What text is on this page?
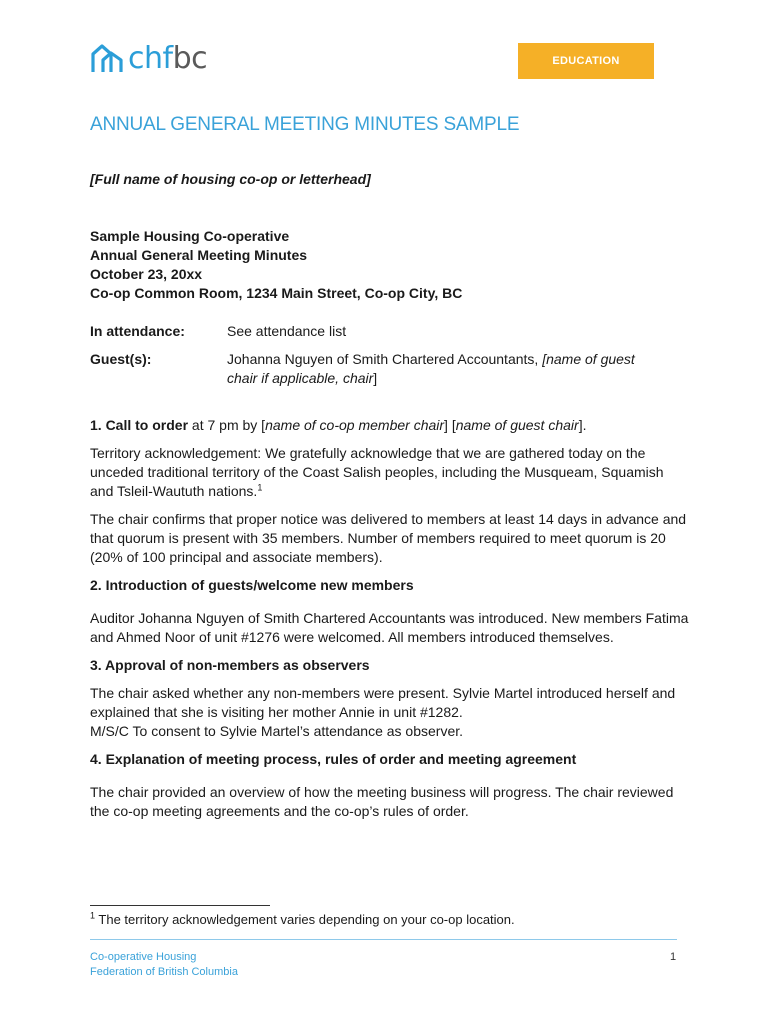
chfbc	EDUCATION
ANNUAL GENERAL MEETING MINUTES SAMPLE

[Full name of housing co-op or letterhead]

Sample Housing Co-operative
Annual General Meeting Minutes
October 23, 20xx
Co-op Common Room, 1234 Main Street, Co-op City, BC
In attendance:	See attendance list
Guest(s):	Johanna Nguyen of Smith Chartered Accountants, [name of guest chair if applicable, chair]

1. Call to order at 7 pm by [name of co-op member chair] [name of guest chair].

Territory acknowledgement: We gratefully acknowledge that we are gathered today on the unceded traditional territory of the Coast Salish peoples, including the Musqueam, Squamish and Tsleil-Waututh nations.$^1$

The chair confirms that proper notice was delivered to members at least 14 days in advance and that quorum is present with 35 members. Number of members required to meet quorum is 20 (20% of 100 principal and associate members).

2. Introduction of guests/welcome new members

Auditor Johanna Nguyen of Smith Chartered Accountants was introduced. New members Fatima and Ahmed Noor of unit #1276 were welcomed. All members introduced themselves.

3. Approval of non-members as observers

The chair asked whether any non-members were present. Sylvie Martel introduced herself and explained that she is visiting her mother Annie in unit #1282.

M/S/C To consent to Sylvie Martel’s attendance as observer.

4. Explanation of meeting process, rules of order and meeting agreement

The chair provided an overview of how the meeting business will progress. The chair reviewed the co-op meeting agreements and the co-op’s rules of order.

$^1$ The territory acknowledgement varies depending on your co-op location.
Co-operative Housing
Federation of British Columbia
1
